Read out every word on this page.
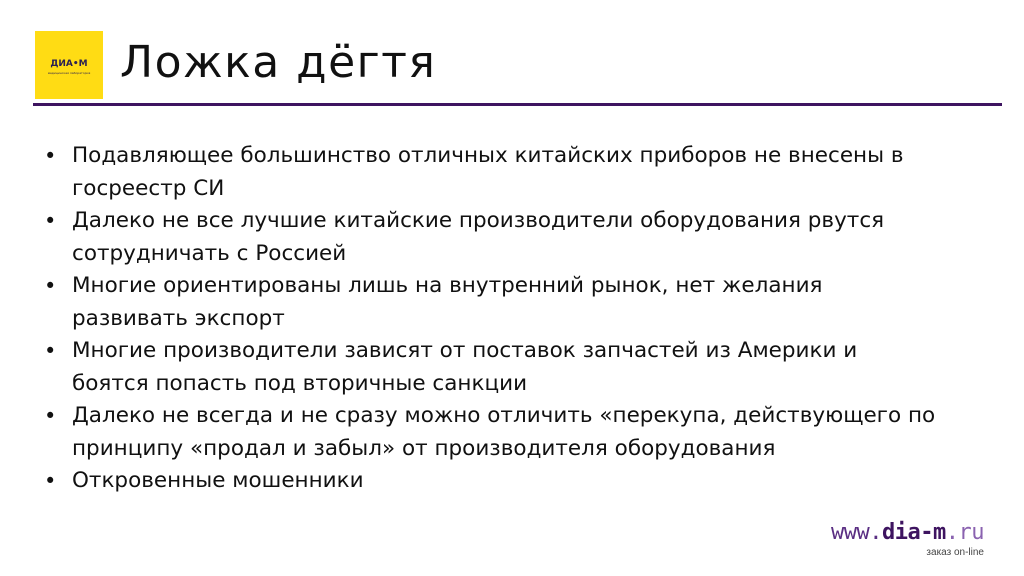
ДИА•М
медицинская лаборатория Ложка дёгтя
• Подавляющее большинство отличных китайских приборов не внесены в
госреестр СИ
• Далеко не все лучшие китайские производители оборудования рвутся
сотрудничать с Россией
• Многие ориентированы лишь на внутренний рынок, нет желания
развивать экспорт
• Многие производители зависят от поставок запчастей из Америки и
боятся попасть под вторичные санкции
• Далеко не всегда и не сразу можно отличить «перекупа, действующего по
принципу «продал и забыл» от производителя оборудования
• Откровенные мошенники
www.dia-m.ru
заказ on-line
